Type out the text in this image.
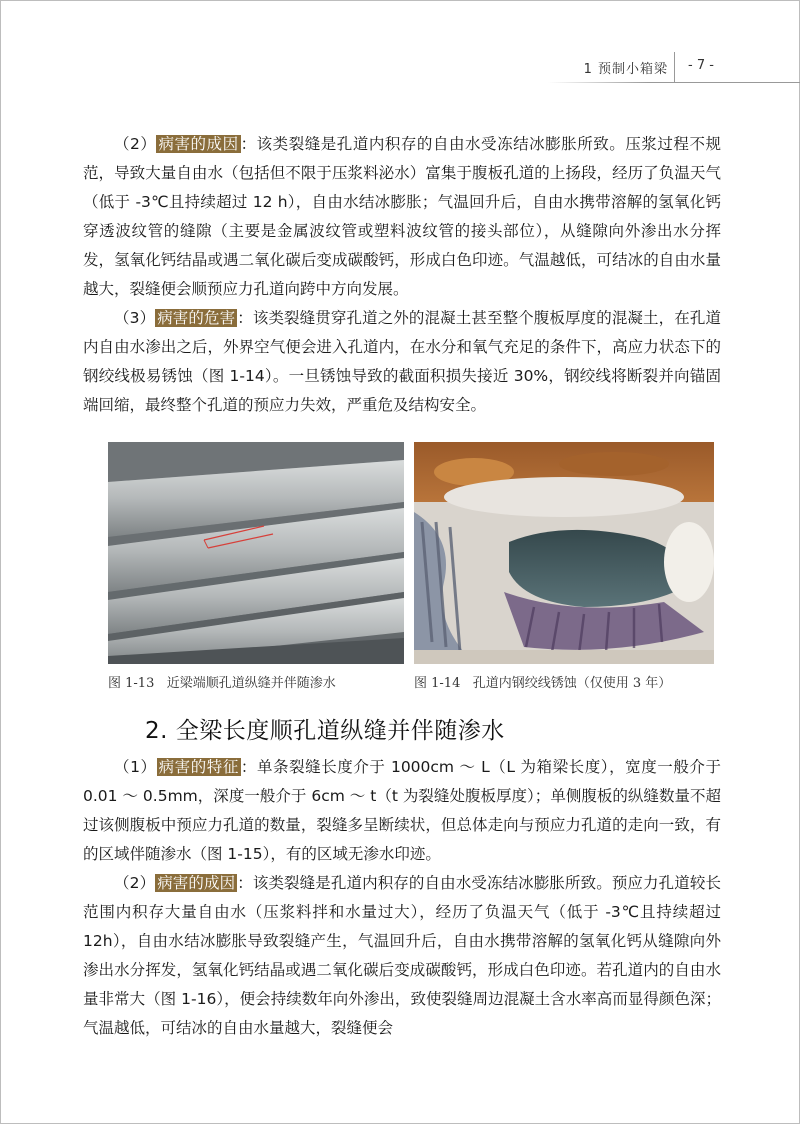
1 预制小箱梁 - 7 -

（2） 病害的成因 ：该类裂缝是孔道内积存的自由水受冻结冰膨胀所致。压浆过程不规范，导致大量自由水（包括但不限于压浆料泌水）富集于腹板孔道的上扬段，经历了负温天气（低于 -3℃且持续超过 12 h），自由水结冰膨胀；气温回升后，自由水携带溶解的氢氧化钙穿透波纹管的缝隙（主要是金属波纹管或塑料波纹管的接头部位），从缝隙向外渗出水分挥发，氢氧化钙结晶或遇二氧化碳后变成碳酸钙，形成白色印迹。气温越低，可结冰的自由水量越大，裂缝便会顺预应力孔道向跨中方向发展。

（3） 病害的危害 ：该类裂缝贯穿孔道之外的混凝土甚至整个腹板厚度的混凝土，在孔道内自由水渗出之后，外界空气便会进入孔道内，在水分和氧气充足的条件下，高应力状态下的钢绞线极易锈蚀（图 1-14）。一旦锈蚀导致的截面积损失接近 30%，钢绞线将断裂并向锚固端回缩，最终整个孔道的预应力失效，严重危及结构安全。

图 1-13 近梁端顺孔道纵缝并伴随渗水	图 1-14 孔道内钢绞线锈蚀（仅使用 3 年）
2. 全梁长度顺孔道纵缝并伴随渗水

（1） 病害的特征 ：单条裂缝长度介于 1000cm ～ L（L 为箱梁长度），宽度一般介于 0.01 ～ 0.5mm，深度一般介于 6cm ～ t（t 为裂缝处腹板厚度）；单侧腹板的纵缝数量不超过该侧腹板中预应力孔道的数量，裂缝多呈断续状，但总体走向与预应力孔道的走向一致，有的区域伴随渗水（图 1-15），有的区域无渗水印迹。

（2） 病害的成因 ：该类裂缝是孔道内积存的自由水受冻结冰膨胀所致。预应力孔道较长范围内积存大量自由水（压浆料拌和水量过大），经历了负温天气（低于 -3℃且持续超过 12h），自由水结冰膨胀导致裂缝产生，气温回升后，自由水携带溶解的氢氧化钙从缝隙向外渗出水分挥发，氢氧化钙结晶或遇二氧化碳后变成碳酸钙，形成白色印迹。若孔道内的自由水量非常大（图 1-16），便会持续数年向外渗出，致使裂缝周边混凝土含水率高而显得颜色深；气温越低，可结冰的自由水量越大，裂缝便会
